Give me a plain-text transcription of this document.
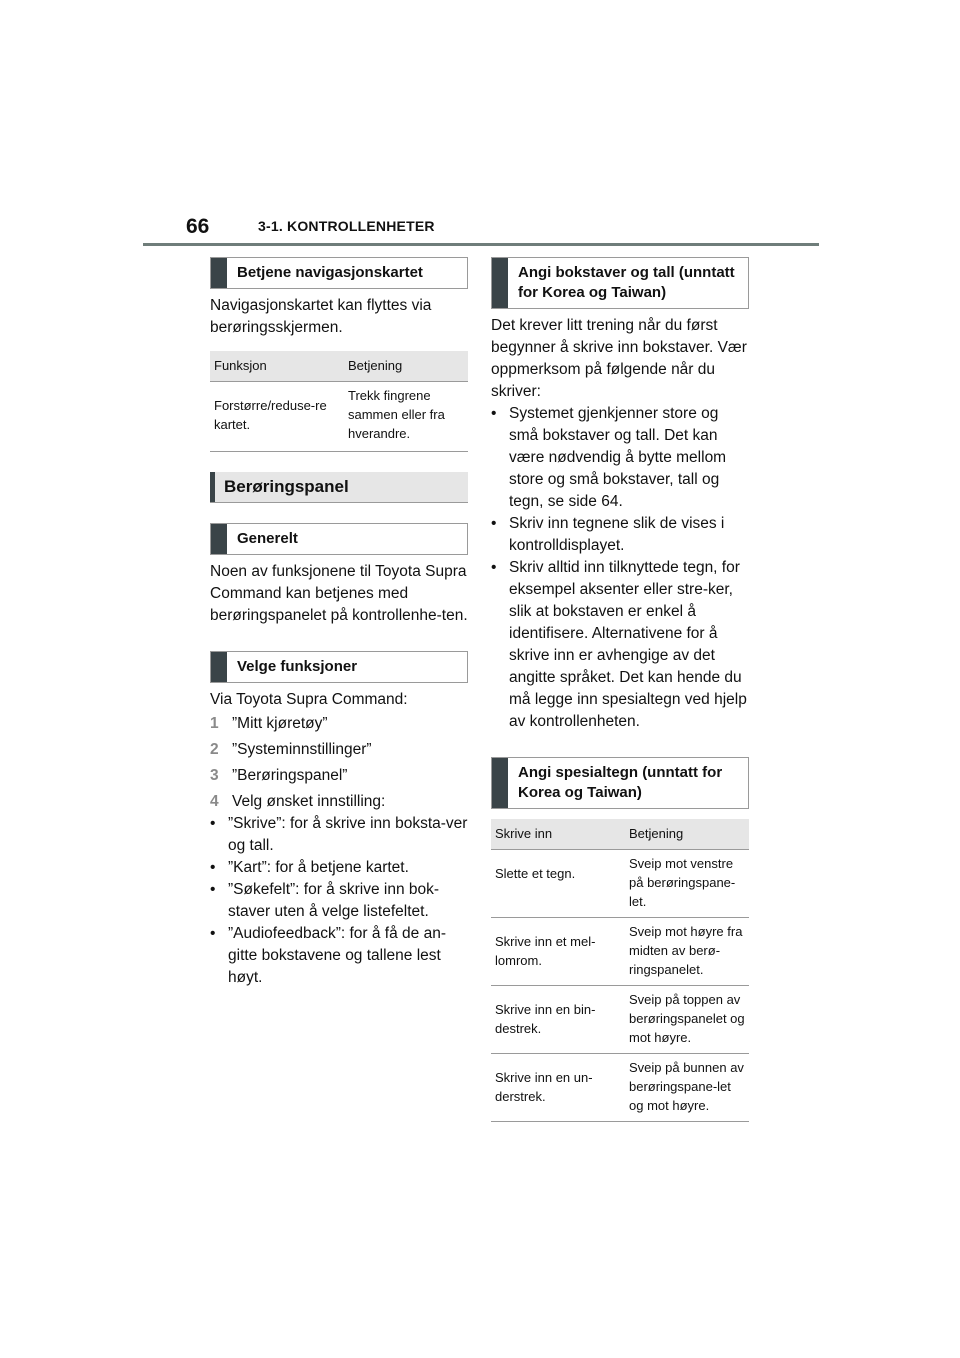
66	3-1. KONTROLLENHETER
Betjene navigasjonskartet

Navigasjonskartet kan flyttes via berøringsskjermen.

Funksjon	Betjening
Forstørre/reduse-re kartet.	Trekk fingrene sammen eller fra hverandre.
Berøringspanel
Generelt

Noen av funksjonene til Toyota Supra Command kan betjenes med berøringspanelet på kontrollenhe-ten.

Velge funksjoner

Via Toyota Supra Command:

1 ”Mitt kjøretøy”
2 ”Systeminnstillinger”
3 ”Berøringspanel”
4 Velg ønsket innstilling:
• ”Skrive”: for å skrive inn boksta-ver og tall.
• ”Kart”: for å betjene kartet.
• ”Søkefelt”: for å skrive inn bok-staver uten å velge listefeltet.
• ”Audiofeedback”: for å få de an-gitte bokstavene og tallene lest høyt.
Angi bokstaver og tall (unntatt for Korea og Taiwan)

Det krever litt trening når du først begynner å skrive inn bokstaver. Vær oppmerksom på følgende når du skriver:

• Systemet gjenkjenner store og små bokstaver og tall. Det kan være nødvendig å bytte mellom store og små bokstaver, tall og tegn, se side 64.
• Skriv inn tegnene slik de vises i kontrolldisplayet.
• Skriv alltid inn tilknyttede tegn, for eksempel aksenter eller stre-ker, slik at bokstaven er enkel å identifisere. Alternativene for å skrive inn er avhengige av det angitte språket. Det kan hende du må legge inn spesialtegn ved hjelp av kontrollenheten.
Angi spesialtegn (unntatt for Korea og Taiwan)
Skrive inn	Betjening
Slette et tegn.	Sveip mot venstre på berøringspane-let.
Skrive inn et mel-lomrom.	Sveip mot høyre fra midten av berø-ringspanelet.
Skrive inn en bin-destrek.	Sveip på toppen av berøringspanelet og mot høyre.
Skrive inn en un-derstrek.	Sveip på bunnen av berøringspane-let og mot høyre.
